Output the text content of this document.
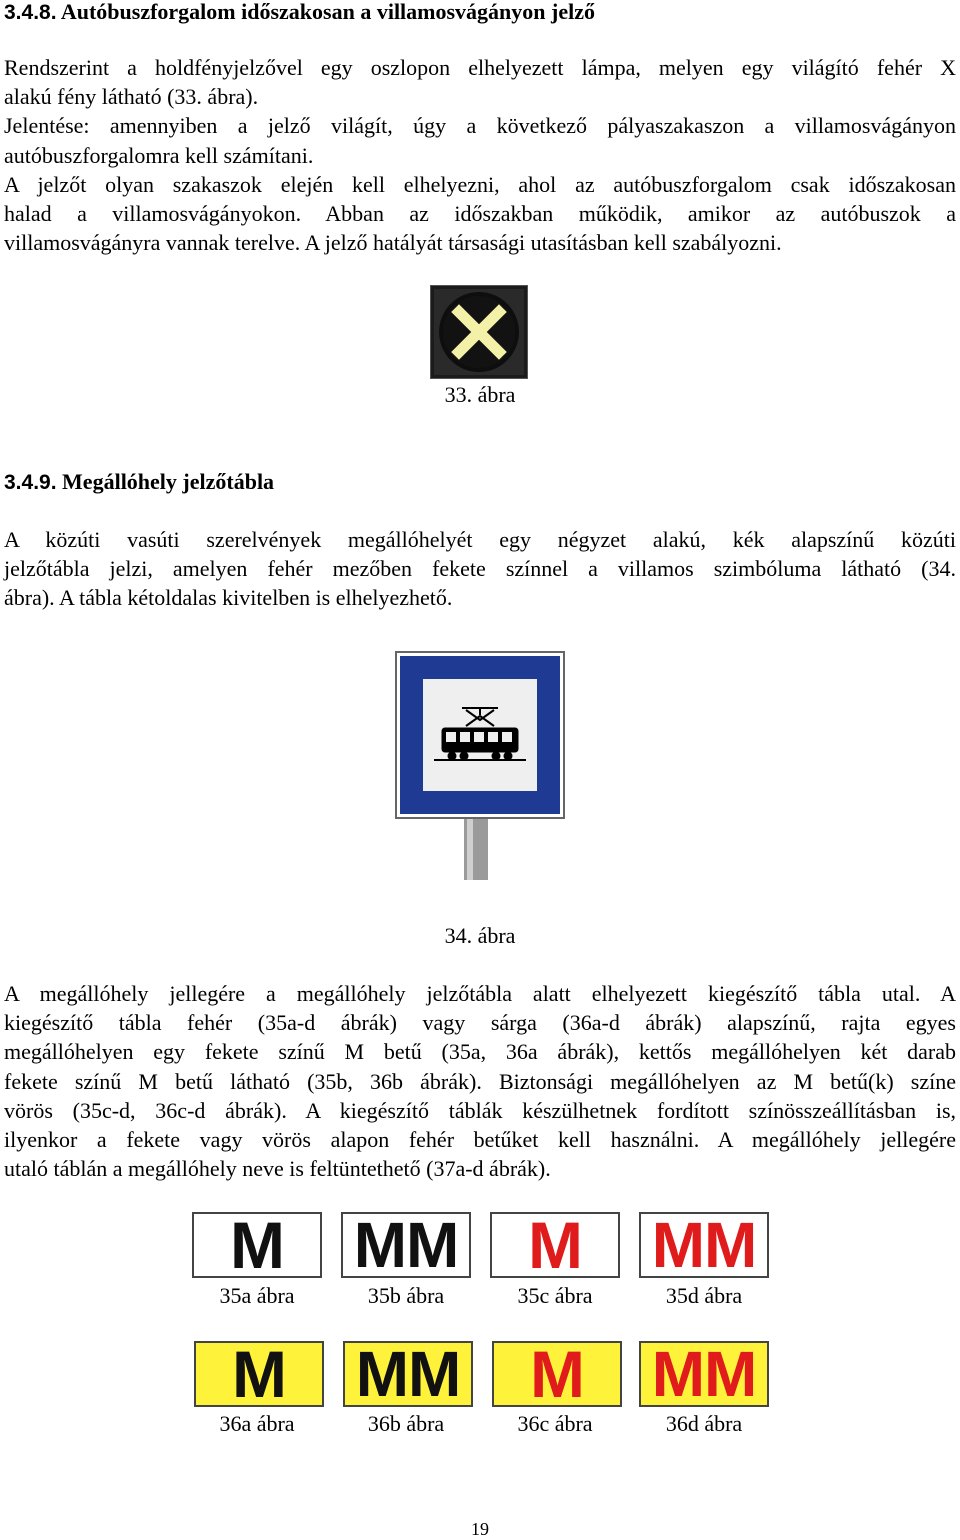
3.4.8. Autóbuszforgalom időszakosan a villamosvágányon jelző

Rendszerint a holdfényjelzővel egy oszlopon elhelyezett lámpa, melyen egy világító fehér X
alakú fény látható (33. ábra).
Jelentése: amennyiben a jelző világít, úgy a következő pályaszakaszon a villamosvágányon
autóbuszforgalomra kell számítani.
A jelzőt olyan szakaszok elején kell elhelyezni, ahol az autóbuszforgalom csak időszakosan
halad a villamosvágányokon. Abban az időszakban működik, amikor az autóbuszok a
villamosvágányra vannak terelve. A jelző hatályát társasági utasításban kell szabályozni.

33. ábra

3.4.9. Megállóhely jelzőtábla

A közúti vasúti szerelvények megállóhelyét egy négyzet alakú, kék alapszínű közúti
jelzőtábla jelzi, amelyen fehér mezőben fekete színnel a villamos szimbóluma látható (34.
ábra). A tábla kétoldalas kivitelben is elhelyezhető.

34. ábra

A megállóhely jellegére a megállóhely jelzőtábla alatt elhelyezett kiegészítő tábla utal. A
kiegészítő tábla fehér (35a-d ábrák) vagy sárga (36a-d ábrák) alapszínű, rajta egyes
megállóhelyen egy fekete színű M betű (35a, 36a ábrák), kettős megállóhelyen két darab
fekete színű M betű látható (35b, 36b ábrák). Biztonsági megállóhelyen az M betű(k) színe
vörös (35c-d, 36c-d ábrák). A kiegészítő táblák készülhetnek fordított színösszeállításban is,
ilyenkor a fekete vagy vörös alapon fehér betűket kell használni. A megállóhely jellegére
utaló táblán a megállóhely neve is feltüntethető (37a-d ábrák).

M	MM	M	MM
35a ábra	35b ábra	35c ábra	35d ábra
M	MM	M	MM
36a ábra	36b ábra	36c ábra	36d ábra

19
